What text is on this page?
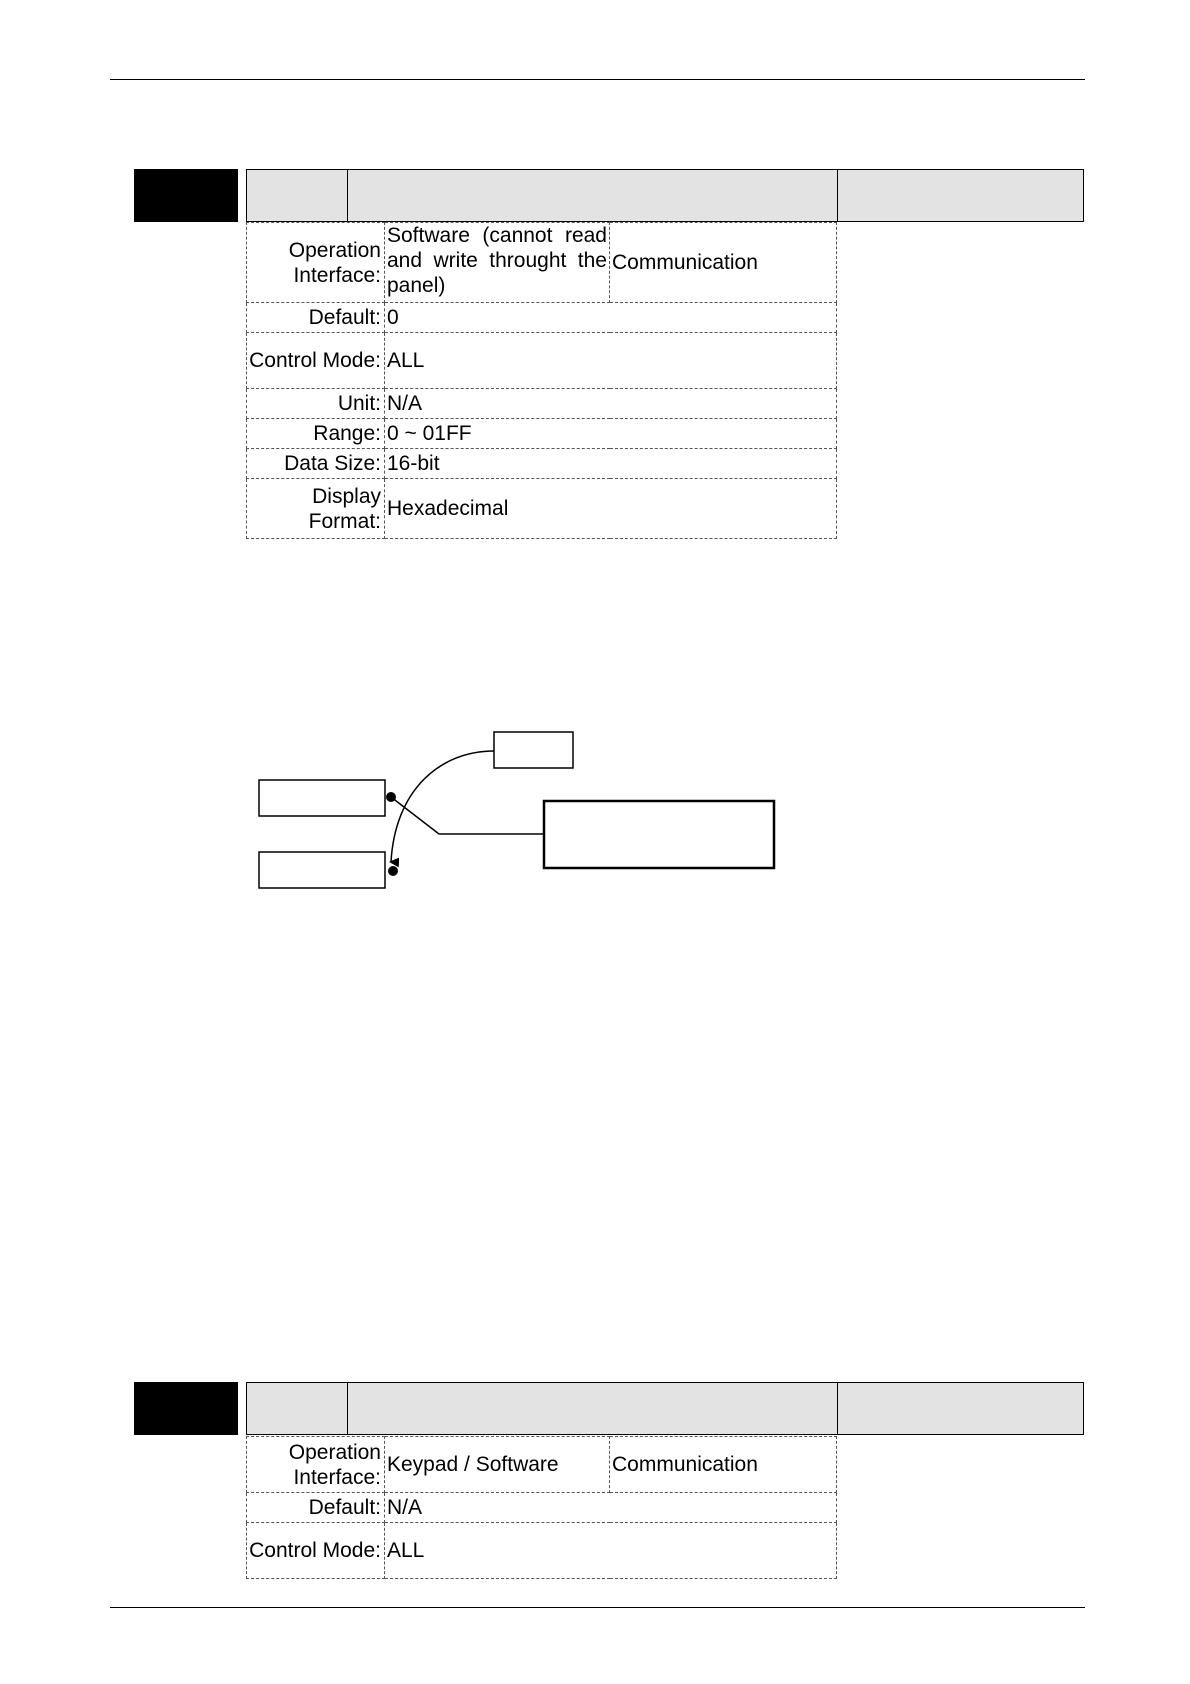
Operation Interface:	Software (cannot read and write throught the panel)	Communication
Default:	0	
Control Mode:	ALL	
Unit:	N/A	
Range:	0 ~ 01FF	
Data Size:	16-bit	
Display Format:	Hexadecimal	
Operation Interface:	Keypad / Software	Communication
Default:	N/A	
Control Mode:	ALL	
